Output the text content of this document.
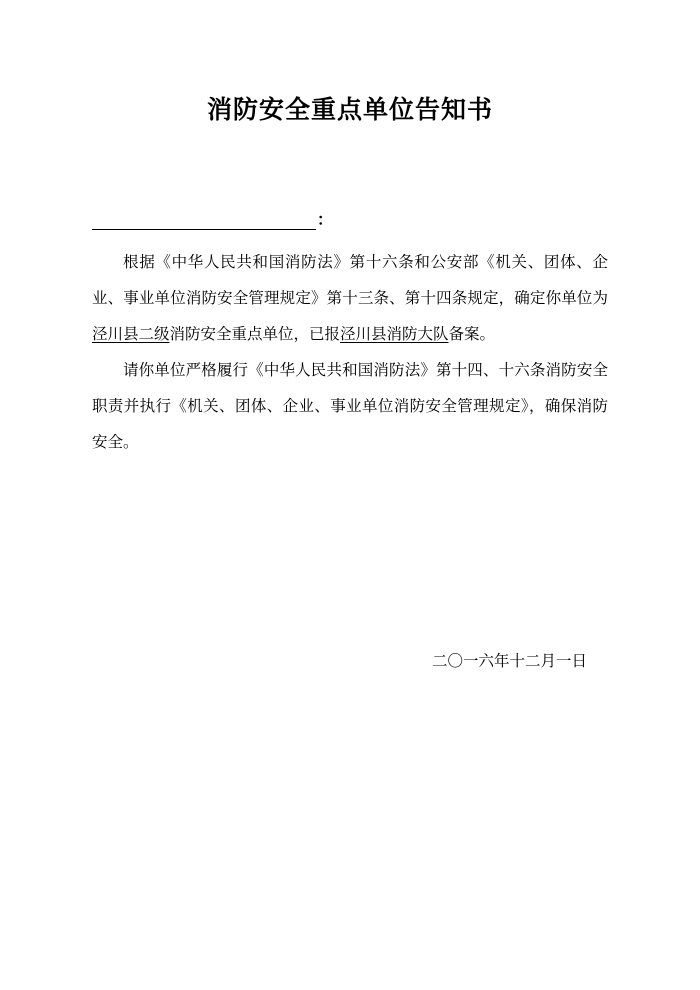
消防安全重点单位告知书
：

根据《中华人民共和国消防法》第十六条和公安部《机关、团体、企业、事业单位消防安全管理规定》第十三条、第十四条规定，确定你单位为泾川县二级消防安全重点单位，已报泾川县消防大队备案。

请你单位严格履行《中华人民共和国消防法》第十四、十六条消防安全职责并执行《机关、团体、企业、事业单位消防安全管理规定》，确保消防安全。

二〇一六年十二月一日
